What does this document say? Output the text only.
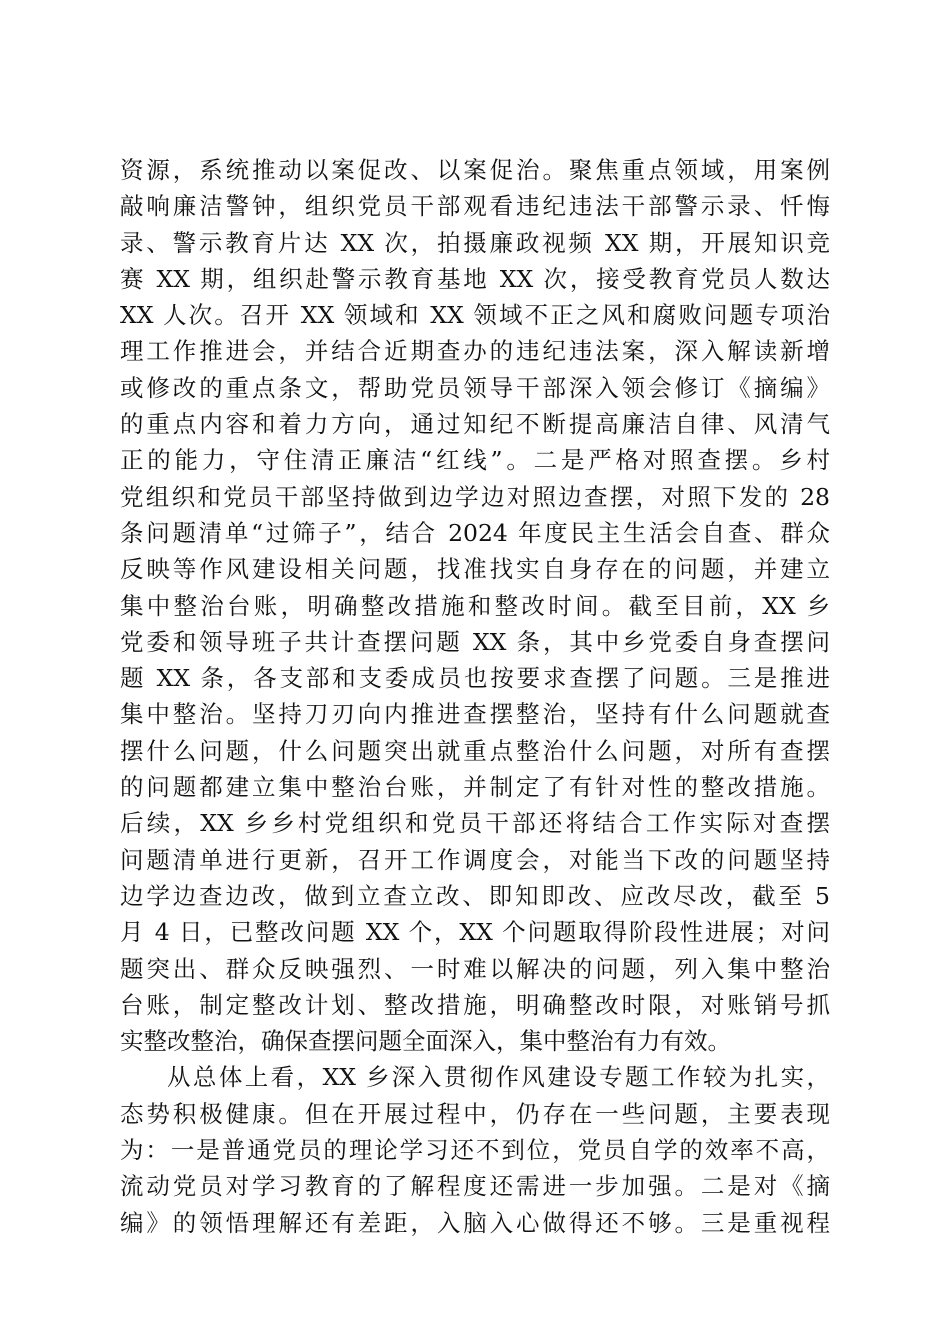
资源，系统推动以案促改、以案促治。聚焦重点领域，用案例
敲响廉洁警钟，组织党员干部观看违纪违法干部警示录、忏悔
录、警示教育片达 XX 次，拍摄廉政视频 XX 期，开展知识竞
赛 XX 期，组织赴警示教育基地 XX 次，接受教育党员人数达
XX 人次。召开 XX 领域和 XX 领域不正之风和腐败问题专项治
理工作推进会，并结合近期查办的违纪违法案，深入解读新增
或修改的重点条文，帮助党员领导干部深入领会修订《摘编》
的重点内容和着力方向，通过知纪不断提高廉洁自律、风清气
正的能力，守住清正廉洁“红线”。二是严格对照查摆。乡村
党组织和党员干部坚持做到边学边对照边查摆，对照下发的 28
条问题清单“过筛子”，结合 2024 年度民主生活会自查、群众
反映等作风建设相关问题，找准找实自身存在的问题，并建立
集中整治台账，明确整改措施和整改时间。截至目前，XX 乡
党委和领导班子共计查摆问题 XX 条，其中乡党委自身查摆问
题 XX 条，各支部和支委成员也按要求查摆了问题。三是推进
集中整治。坚持刀刃向内推进查摆整治，坚持有什么问题就查
摆什么问题，什么问题突出就重点整治什么问题，对所有查摆
的问题都建立集中整治台账，并制定了有针对性的整改措施。
后续，XX 乡乡村党组织和党员干部还将结合工作实际对查摆
问题清单进行更新，召开工作调度会，对能当下改的问题坚持
边学边查边改，做到立查立改、即知即改、应改尽改，截至 5
月 4 日，已整改问题 XX 个，XX 个问题取得阶段性进展；对问
题突出、群众反映强烈、一时难以解决的问题，列入集中整治
台账，制定整改计划、整改措施，明确整改时限，对账销号抓
实整改整治，确保查摆问题全面深入，集中整治有力有效。
从总体上看，XX 乡深入贯彻作风建设专题工作较为扎实，
态势积极健康。但在开展过程中，仍存在一些问题，主要表现
为：一是普通党员的理论学习还不到位，党员自学的效率不高，
流动党员对学习教育的了解程度还需进一步加强。二是对《摘
编》的领悟理解还有差距，入脑入心做得还不够。三是重视程
